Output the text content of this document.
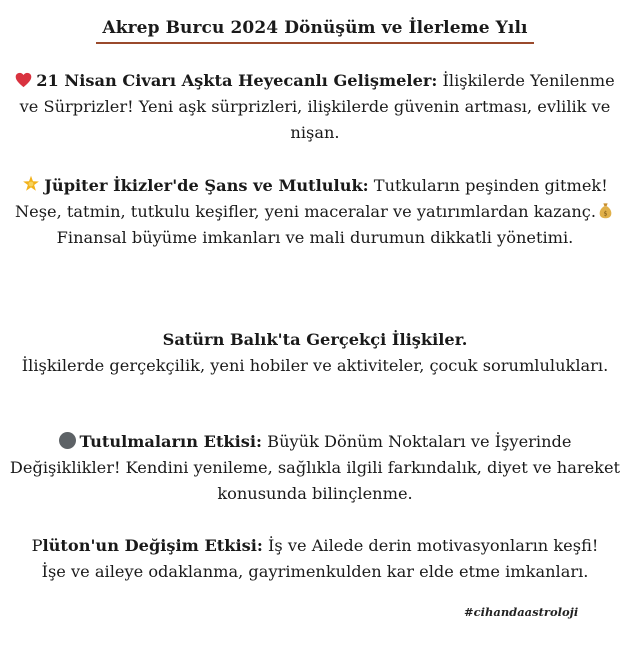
Akrep Burcu 2024 Dönüşüm ve İlerleme Yılı
21 Nisan Civarı Aşkta Heyecanlı Gelişmeler: İlişkilerde Yenilenme ve Sürprizler! Yeni aşk sürprizleri, ilişkilerde güvenin artması, evlilik ve nişan.
Jüpiter İkizler'de Şans ve Mutluluk: Tutkuların peşinden gitmek!
Neşe, tatmin, tutkulu keşifler, yeni maceralar ve yatırımlardan kazanç. $
Finansal büyüme imkanları ve mali durumun dikkatli yönetimi.
Satürn Balık'ta Gerçekçi İlişkiler.
İlişkilerde gerçekçilik, yeni hobiler ve aktiviteler, çocuk sorumlulukları.
Tutulmaların Etkisi: Büyük Dönüm Noktaları ve İşyerinde Değişiklikler! Kendini yenileme, sağlıkla ilgili farkındalık, diyet ve hareket konusunda bilinçlenme.
Plüton'un Değişim Etkisi: İş ve Ailede derin motivasyonların keşfi!
İşe ve aileye odaklanma, gayrimenkulden kar elde etme imkanları.
#cihandaastroloji
